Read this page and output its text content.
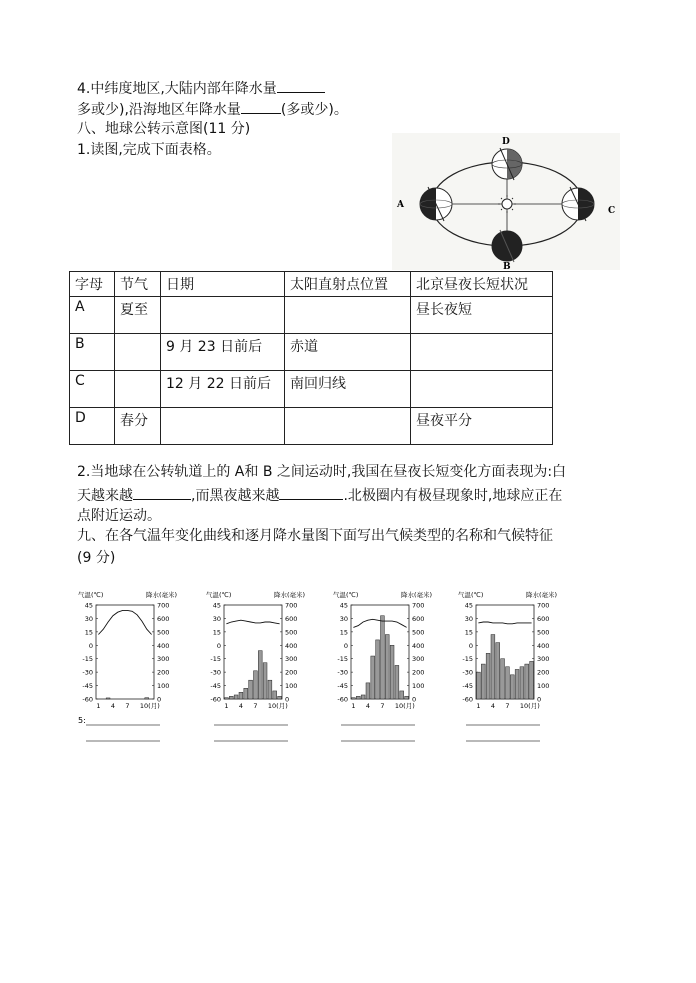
4.中纬度地区,大陆内部年降水量
多或少),沿海地区年降水量	(多或少)。
八、地球公转示意图(11 分)
1.读图,完成下面表格。	D
A
C
B
字母	节气	日期	太阳直射点位置	北京昼夜长短状况
A	夏至			昼长夜短
B		9 月 23 日前后	赤道	
C		12 月 22 日前后	南回归线	
D	春分			昼夜平分
2.当地球在公转轨道上的 A和 B 之间运动时,我国在昼夜长短变化方面表现为:白
天越来越	,而黑夜越来越	.北极圈内有极昼现象时,地球应正在
点附近运动。
九、在各气温年变化曲线和逐月降水量图下面写出气候类型的名称和气候特征
(9 分)
5:
气温(℃)	降水(毫米)
45
30
15
0
-15
-30
-45
-60
700
600
500
400
300
200
100
0
1 4 7 10(月)
气温(℃)	降水(毫米)
45
30
15
0
-15
-30
-45
-60
700
600
500
400
300
200
100
0
1 4 7 10(月)
气温(℃)	降水(毫米)
45
30
15
0
-15
-30
-45
-60
700
600
500
400
300
200
100
0
1 4 7 10(月)
气温(℃)	降水(毫米)
45
30
15
0
-15
-30
-45
-60
700
600
500
400
300
200
100
0
1 4 7 10(月)
